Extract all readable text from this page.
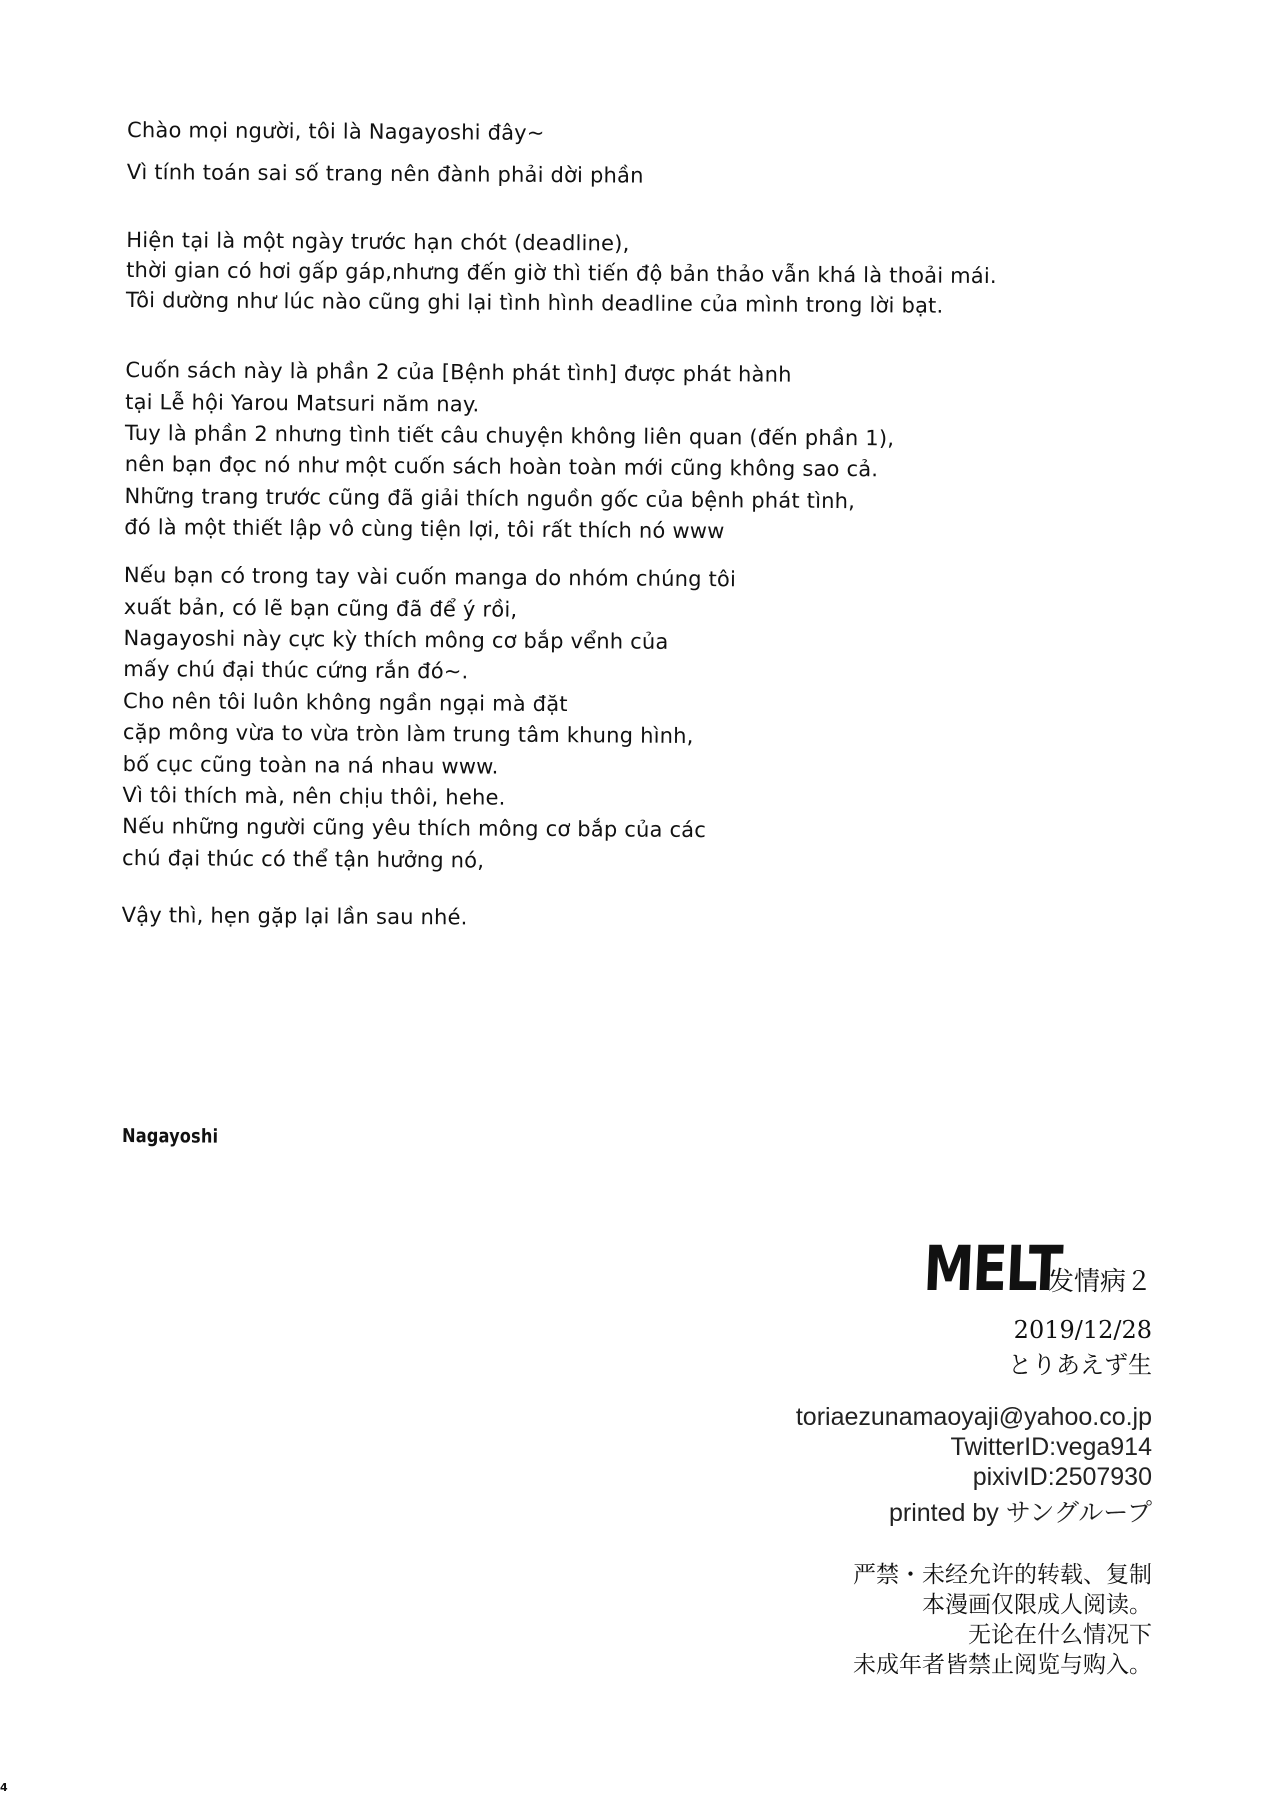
Chào mọi người, tôi là Nagayoshi đây~
Vì tính toán sai số trang nên đành phải dời phần
Hiện tại là một ngày trước hạn chót (deadline),
thời gian có hơi gấp gáp,nhưng đến giờ thì tiến độ bản thảo vẫn khá là thoải mái.
Tôi dường như lúc nào cũng ghi lại tình hình deadline của mình trong lời bạt.
Cuốn sách này là phần 2 của [Bệnh phát tình] được phát hành
tại Lễ hội Yarou Matsuri năm nay.
Tuy là phần 2 nhưng tình tiết câu chuyện không liên quan (đến phần 1),
nên bạn đọc nó như một cuốn sách hoàn toàn mới cũng không sao cả.
Những trang trước cũng đã giải thích nguồn gốc của bệnh phát tình,
đó là một thiết lập vô cùng tiện lợi, tôi rất thích nó www
Nếu bạn có trong tay vài cuốn manga do nhóm chúng tôi
xuất bản, có lẽ bạn cũng đã để ý rồi,
Nagayoshi này cực kỳ thích mông cơ bắp vểnh của
mấy chú đại thúc cứng rắn đó~.
Cho nên tôi luôn không ngần ngại mà đặt
cặp mông vừa to vừa tròn làm trung tâm khung hình,
bố cục cũng toàn na ná nhau www.
Vì tôi thích mà, nên chịu thôi, hehe.
Nếu những người cũng yêu thích mông cơ bắp của các
chú đại thúc có thể tận hưởng nó,
Vậy thì, hẹn gặp lại lần sau nhé.
Nagayoshi
MELT发情病２
2019/12/28
とりあえず生
toriaezunamaoyaji@yahoo.co.jp
TwitterID:vega914
pixivID:2507930
printed by サングループ
严禁・未经允许的转载、复制
本漫画仅限成人阅读。
无论在什么情况下
未成年者皆禁止阅览与购入。
4
